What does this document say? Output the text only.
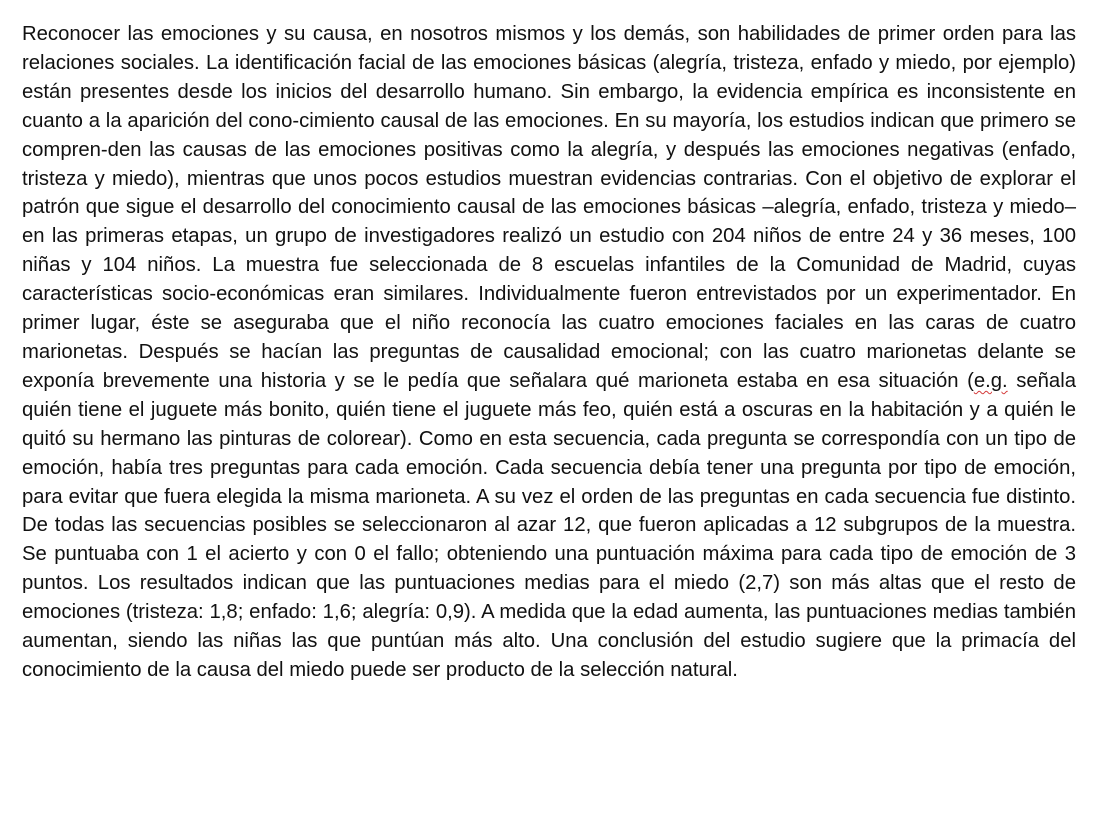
Reconocer las emociones y su causa, en nosotros mismos y los demás, son habilidades de primer orden para las relaciones sociales. La identificación facial de las emociones básicas (alegría, tristeza, enfado y miedo, por ejemplo) están presentes desde los inicios del desarrollo humano. Sin embargo, la evidencia empírica es inconsistente en cuanto a la aparición del cono-cimiento causal de las emociones. En su mayoría, los estudios indican que primero se compren-den las causas de las emociones positivas como la alegría, y después las emociones negativas (enfado, tristeza y miedo), mientras que unos pocos estudios muestran evidencias contrarias. Con el objetivo de explorar el patrón que sigue el desarrollo del conocimiento causal de las emociones básicas –alegría, enfado, tristeza y miedo– en las primeras etapas, un grupo de investigadores realizó un estudio con 204 niños de entre 24 y 36 meses, 100 niñas y 104 niños. La muestra fue seleccionada de 8 escuelas infantiles de la Comunidad de Madrid, cuyas características socio-económicas eran similares. Individualmente fueron entrevistados por un experimentador. En primer lugar, éste se aseguraba que el niño reconocía las cuatro emociones faciales en las caras de cuatro marionetas. Después se hacían las preguntas de causalidad emocional; con las cuatro marionetas delante se exponía brevemente una historia y se le pedía que señalara qué marioneta estaba en esa situación (e.g. señala quién tiene el juguete más bonito, quién tiene el juguete más feo, quién está a oscuras en la habitación y a quién le quitó su hermano las pinturas de colorear). Como en esta secuencia, cada pregunta se correspondía con un tipo de emoción, había tres preguntas para cada emoción. Cada secuencia debía tener una pregunta por tipo de emoción, para evitar que fuera elegida la misma marioneta. A su vez el orden de las preguntas en cada secuencia fue distinto. De todas las secuencias posibles se seleccionaron al azar 12, que fueron aplicadas a 12 subgrupos de la muestra. Se puntuaba con 1 el acierto y con 0 el fallo; obteniendo una puntuación máxima para cada tipo de emoción de 3 puntos. Los resultados indican que las puntuaciones medias para el miedo (2,7) son más altas que el resto de emociones (tristeza: 1,8; enfado: 1,6; alegría: 0,9). A medida que la edad aumenta, las puntuaciones medias también aumentan, siendo las niñas las que puntúan más alto. Una conclusión del estudio sugiere que la primacía del conocimiento de la causa del miedo puede ser producto de la selección natural.
